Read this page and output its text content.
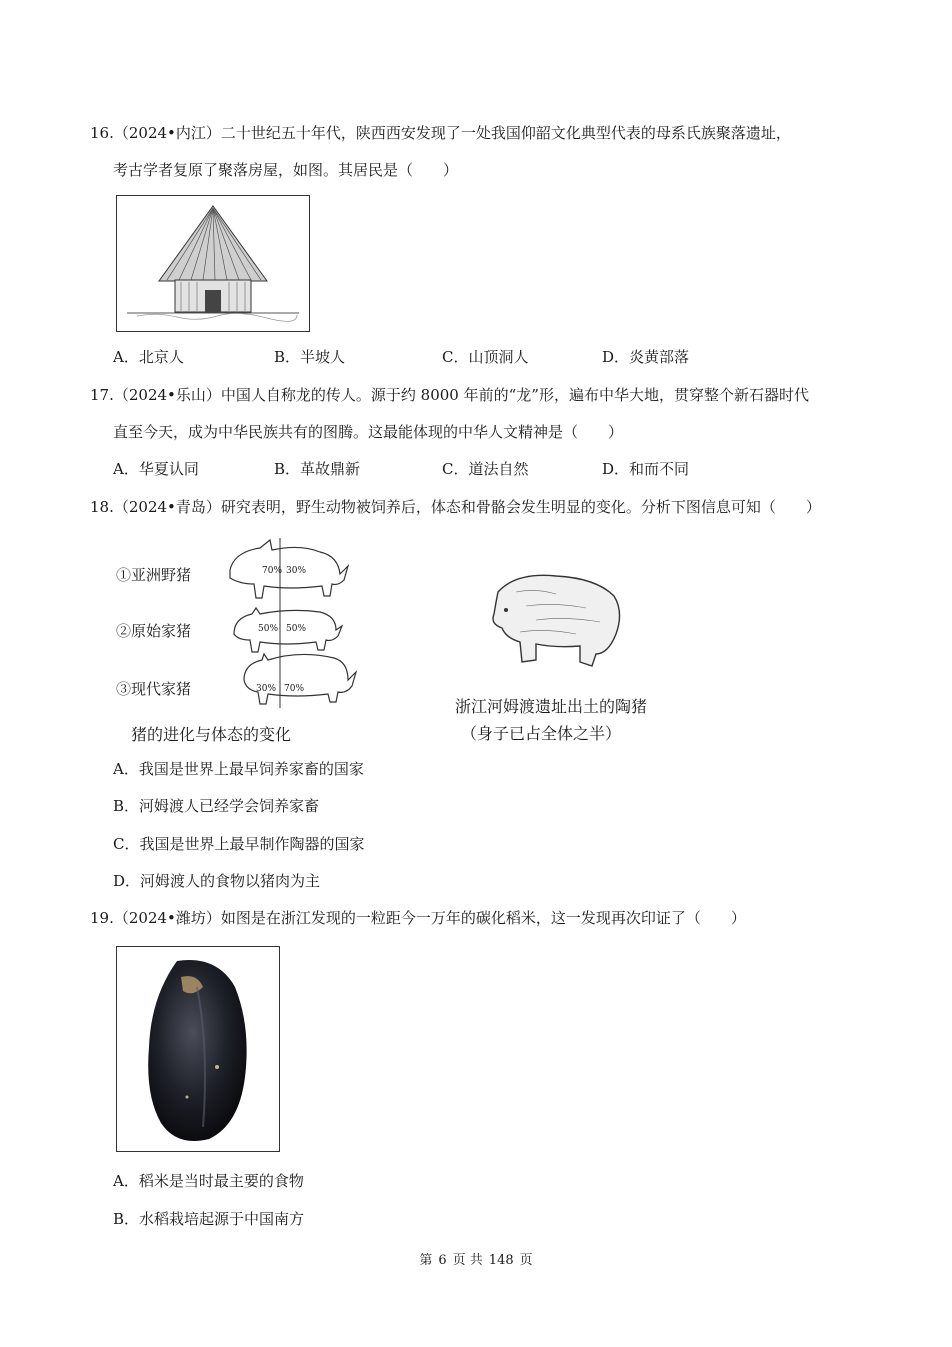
16.（2024•内江）二十世纪五十年代，陕西西安发现了一处我国仰韶文化典型代表的母系氏族聚落遗址，
考古学者复原了聚落房屋，如图。其居民是（　　）
A．北京人	B．半坡人	C．山顶洞人	D．炎黄部落
17.（2024•乐山）中国人自称龙的传人。源于约 8000 年前的“龙”形，遍布中华大地，贯穿整个新石器时代
直至今天，成为中华民族共有的图腾。这最能体现的中华人文精神是（　　）
A．华夏认同	B．革故鼎新	C．道法自然	D．和而不同
18.（2024•青岛）研究表明，野生动物被饲养后，体态和骨骼会发生明显的变化。分析下图信息可知（　　）
①亚洲野猪
②原始家猪
③现代家猪
70% 30%
50% 50%
30% 70%
猪的进化与体态的变化
浙江河姆渡遗址出土的陶猪
（身子已占全体之半）
A．我国是世界上最早饲养家畜的国家
B．河姆渡人已经学会饲养家畜
C．我国是世界上最早制作陶器的国家
D．河姆渡人的食物以猪肉为主
19.（2024•潍坊）如图是在浙江发现的一粒距今一万年的碳化稻米，这一发现再次印证了（　　）
A．稻米是当时最主要的食物
B．水稻栽培起源于中国南方
第 6 页 共 148 页
